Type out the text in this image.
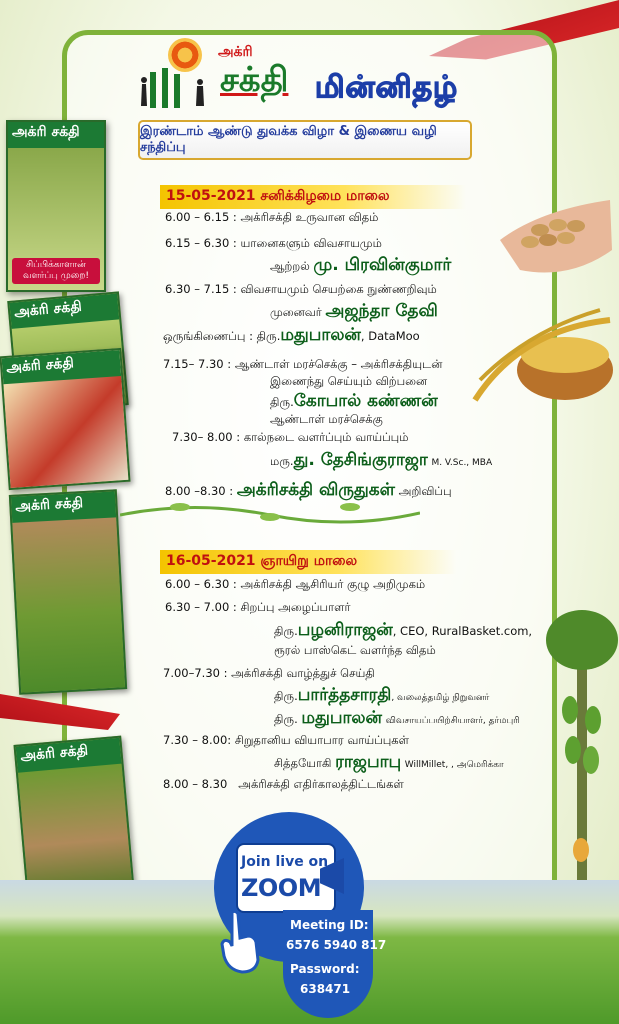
அக்ரி
சக்தி மின்னிதழ்
இரண்டாம் ஆண்டு துவக்க விழா & இணைய வழி சந்திப்பு
அக்ரி சக்தி
சிப்பிக்காளான் வளர்ப்பு முறை!
அக்ரி சக்தி
அக்ரி சக்தி
அக்ரி சக்தி
அக்ரி சக்தி
15-05-2021 சனிக்கிழமை மாலை
6.00 – 6.15 : அக்ரிசக்தி உருவான விதம்
6.15 – 6.30 : யானைகளும் விவசாயமும்
ஆற்றல் மு. பிரவின்குமார்
6.30 – 7.15 : விவசாயமும் செயற்கை நுண்ணறிவும்
முனைவர் அஜந்தா தேவி
ஒருங்கிணைப்பு : திரு.மதுபாலன், DataMoo
7.15– 7.30 : ஆண்டாள் மரச்செக்கு – அக்ரிசக்தியுடன்
இணைந்து செய்யும் விற்பனை
திரு.கோபால் கண்ணன்
ஆண்டாள் மரச்செக்கு
7.30– 8.00 : கால்நடை வளர்ப்பும் வாய்ப்பும்
மரு.து. தேசிங்குராஜா M. V.Sc., MBA
8.00 –8.30 : அக்ரிசக்தி விருதுகள் அறிவிப்பு
16-05-2021 ஞாயிறு மாலை
6.00 – 6.30 : அக்ரிசக்தி ஆசிரியர் குழு அறிமுகம்
6.30 – 7.00 : சிறப்பு அழைப்பாளர்
திரு.பழனிராஜன், CEO, RuralBasket.com,
ரூரல் பாஸ்கெட் வளர்ந்த விதம்
7.00–7.30 : அக்ரிசக்தி வாழ்த்துச் செய்தி
திரு.பார்த்தசாரதி, வலைத்தமிழ் நிறுவனர்
திரு. மதுபாலன் விவசாயப்பயிற்சியாளர், தர்மபுரி
7.30 – 8.00: சிறுதானிய வியாபார வாய்ப்புகள்
சித்தயோகி ராஜபாபு WillMillet, , அமெரிக்கா
8.00 – 8.30 அக்ரிசக்தி எதிர்காலத்திட்டங்கள்
Join live on
ZOOM
Meeting ID:
6576 5940 817
Password:
638471
